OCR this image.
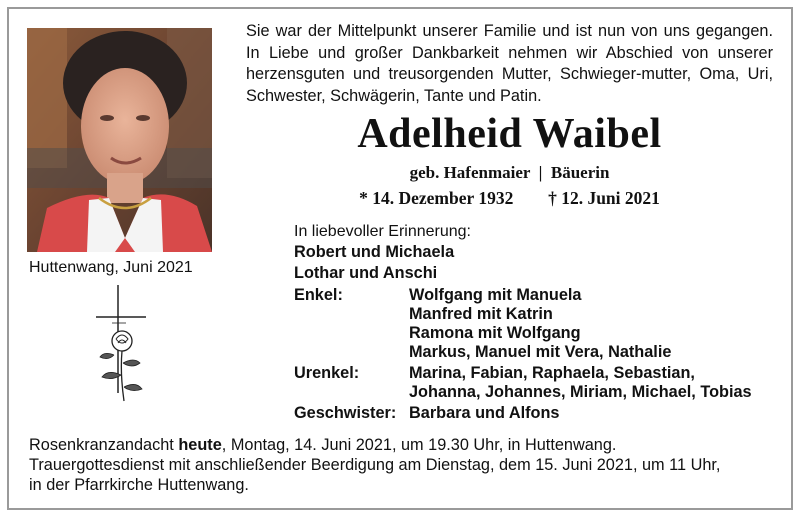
Huttenwang, Juni 2021
Sie war der Mittelpunkt unserer Familie und ist nun von uns gegangen. In Liebe und großer Dankbarkeit nehmen wir Abschied von unserer herzensguten und treusorgenden Mutter, Schwieger-mutter, Oma, Uri, Schwester, Schwägerin, Tante und Patin.
Adelheid Waibel
geb. Hafenmaier  |  Bäuerin
* 14. Dezember 1932 † 12. Juni 2021
In liebevoller Erinnerung:
Robert und Michaela
Lothar und Anschi
Enkel:	Wolfgang mit Manuela
Manfred mit Katrin
Ramona mit Wolfgang
Markus, Manuel mit Vera, Nathalie
Urenkel:	Marina, Fabian, Raphaela, Sebastian,
Johanna, Johannes, Miriam, Michael, Tobias
Geschwister: Barbara und Alfons
Rosenkranzandacht heute, Montag, 14. Juni 2021, um 19.30 Uhr, in Huttenwang.
Trauergottesdienst mit anschließender Beerdigung am Dienstag, dem 15. Juni 2021, um 11 Uhr,
in der Pfarrkirche Huttenwang.
